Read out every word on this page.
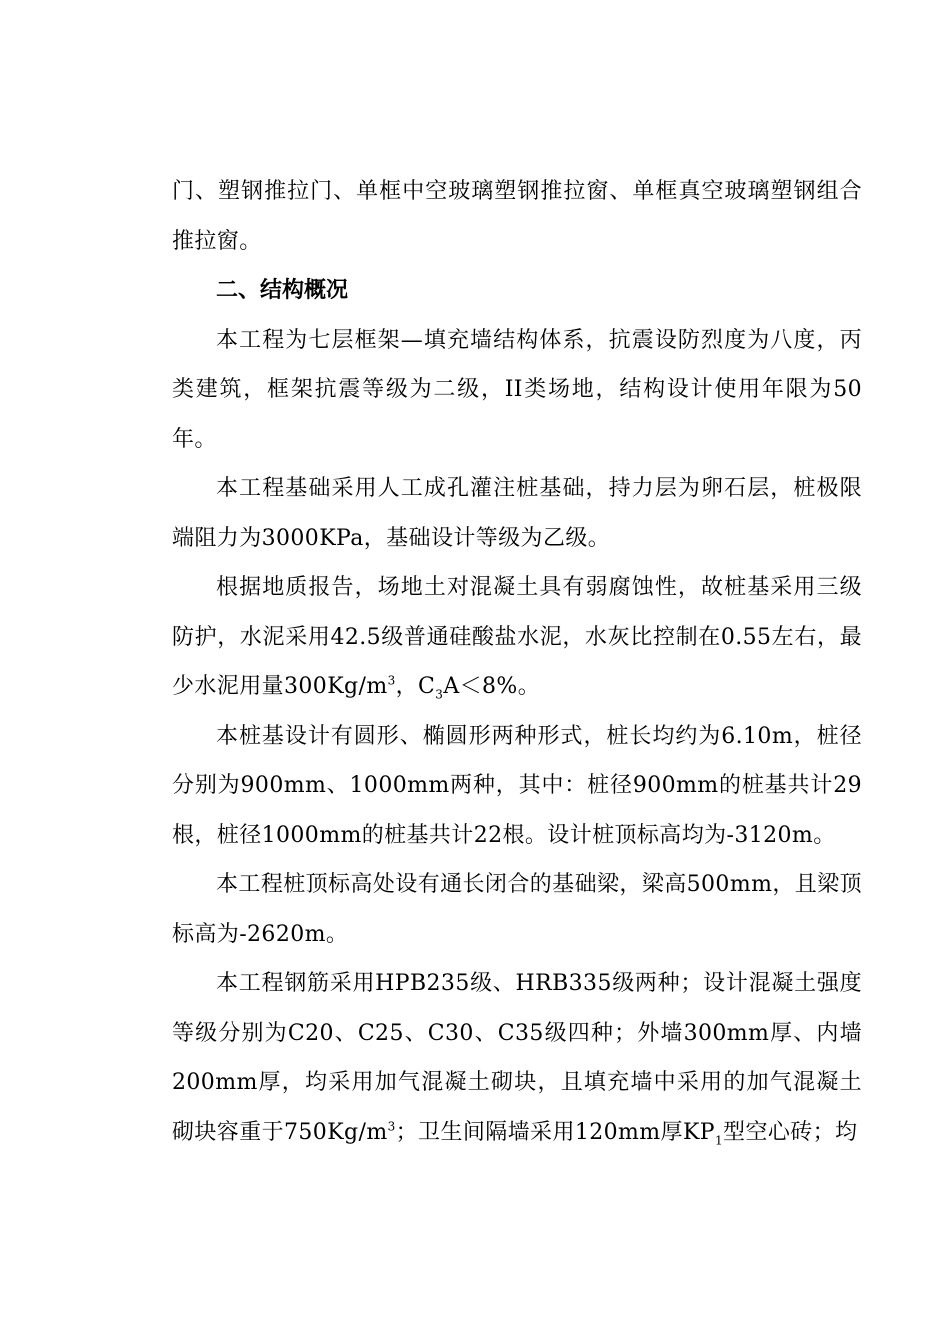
门、塑钢推拉门、单框中空玻璃塑钢推拉窗、单框真空玻璃塑钢组合推拉窗。

二、结构概况

本工程为七层框架—填充墙结构体系，抗震设防烈度为八度，丙类建筑，框架抗震等级为二级，II类场地，结构设计使用年限为50年。

本工程基础采用人工成孔灌注桩基础，持力层为卵石层，桩极限端阻力为3000KPa，基础设计等级为乙级。

根据地质报告，场地土对混凝土具有弱腐蚀性，故桩基采用三级防护，水泥采用42.5级普通硅酸盐水泥，水灰比控制在0.55左右，最少水泥用量$300Kg/m^3$，$C_3A<8\%$。

本桩基设计有圆形、椭圆形两种形式，桩长均约为6.10m，桩径分别为900mm、1000mm两种，其中：桩径900mm的桩基共计29根，桩径1000mm的桩基共计22根。设计桩顶标高均为-3120m。

本工程桩顶标高处设有通长闭合的基础梁，梁高500mm，且梁顶标高为-2620m。

本工程钢筋采用HPB235级、HRB335级两种；设计混凝土强度等级分别为C20、C25、C30、C35级四种；外墙300mm厚、内墙200mm厚，均采用加气混凝土砌块，且填充墙中采用的加气混凝土砌块容重于$750Kg/m^3$；卫生间隔墙采用120mm厚$KP_1$型空心砖；均
